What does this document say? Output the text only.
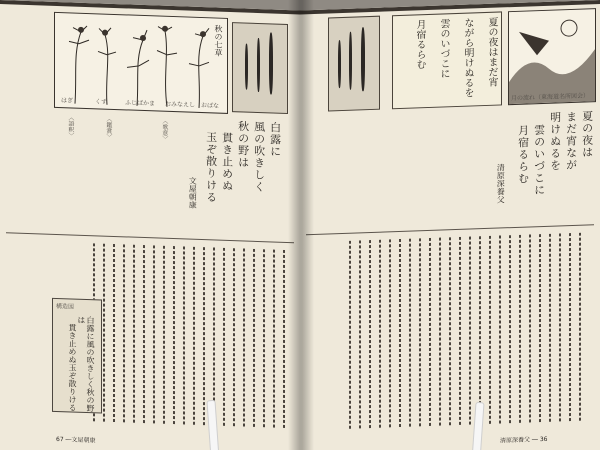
秋の七草
はぎ	くず	ふじばかま おみなえし おばな
白露に
風の吹きしく
秋の野は
貫き止めぬ
玉ぞ散りける
文屋朝康
〈歌意〉
〈鑑賞〉
〈語釈〉
構造図
白露に風の吹きしく秋の野は
貫き止めぬ玉ぞ散りける
67 ―文屋朝康
夏の夜はまだ宵
ながら明けぬるを
雲のいづこに
月宿るらむ
月の流れ（東海道名所図会）
夏の夜は
まだ宵なが
明けぬるを
雲のいづこに
月宿るらむ
清原深養父
清原深養父 ― 36
